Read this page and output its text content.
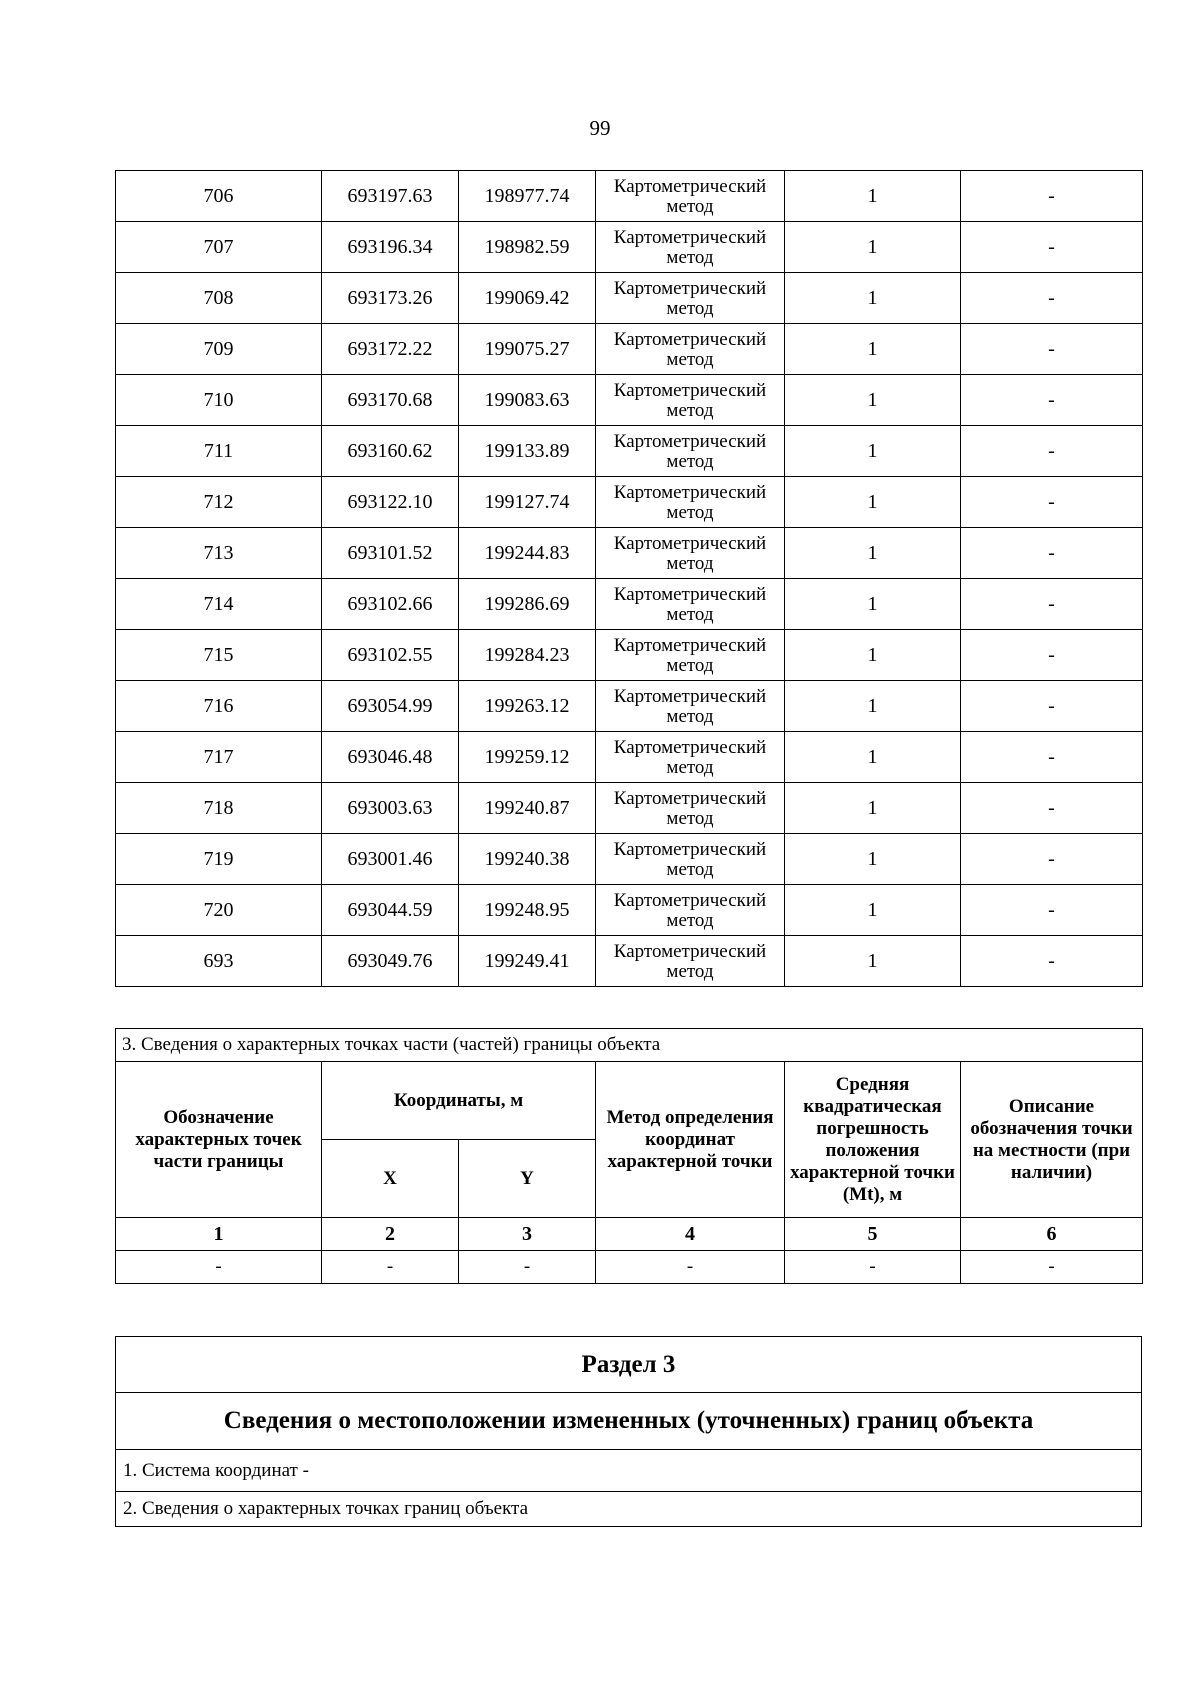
99
706	693197.63	198977.74	Картометрический
метод	1	-
707	693196.34	198982.59	Картометрический
метод	1	-
708	693173.26	199069.42	Картометрический
метод	1	-
709	693172.22	199075.27	Картометрический
метод	1	-
710	693170.68	199083.63	Картометрический
метод	1	-
711	693160.62	199133.89	Картометрический
метод	1	-
712	693122.10	199127.74	Картометрический
метод	1	-
713	693101.52	199244.83	Картометрический
метод	1	-
714	693102.66	199286.69	Картометрический
метод	1	-
715	693102.55	199284.23	Картометрический
метод	1	-
716	693054.99	199263.12	Картометрический
метод	1	-
717	693046.48	199259.12	Картометрический
метод	1	-
718	693003.63	199240.87	Картометрический
метод	1	-
719	693001.46	199240.38	Картометрический
метод	1	-
720	693044.59	199248.95	Картометрический
метод	1	-
693	693049.76	199249.41	Картометрический
метод	1	-
3. Сведения о характерных точках части (частей) границы объекта					
Обозначение характерных точек части границы	Координаты, м		Метод определения координат характерной точки	Средняя квадратическая погрешность положения характерной точки (Mt), м	Описание обозначения точки на местности (при наличии)
	X	Y			
1	2	3	4	5	6
-	-	-	-	-	-
Раздел 3
Сведения о местоположении измененных (уточненных) границ объекта
1. Система координат -
2. Сведения о характерных точках границ объекта
